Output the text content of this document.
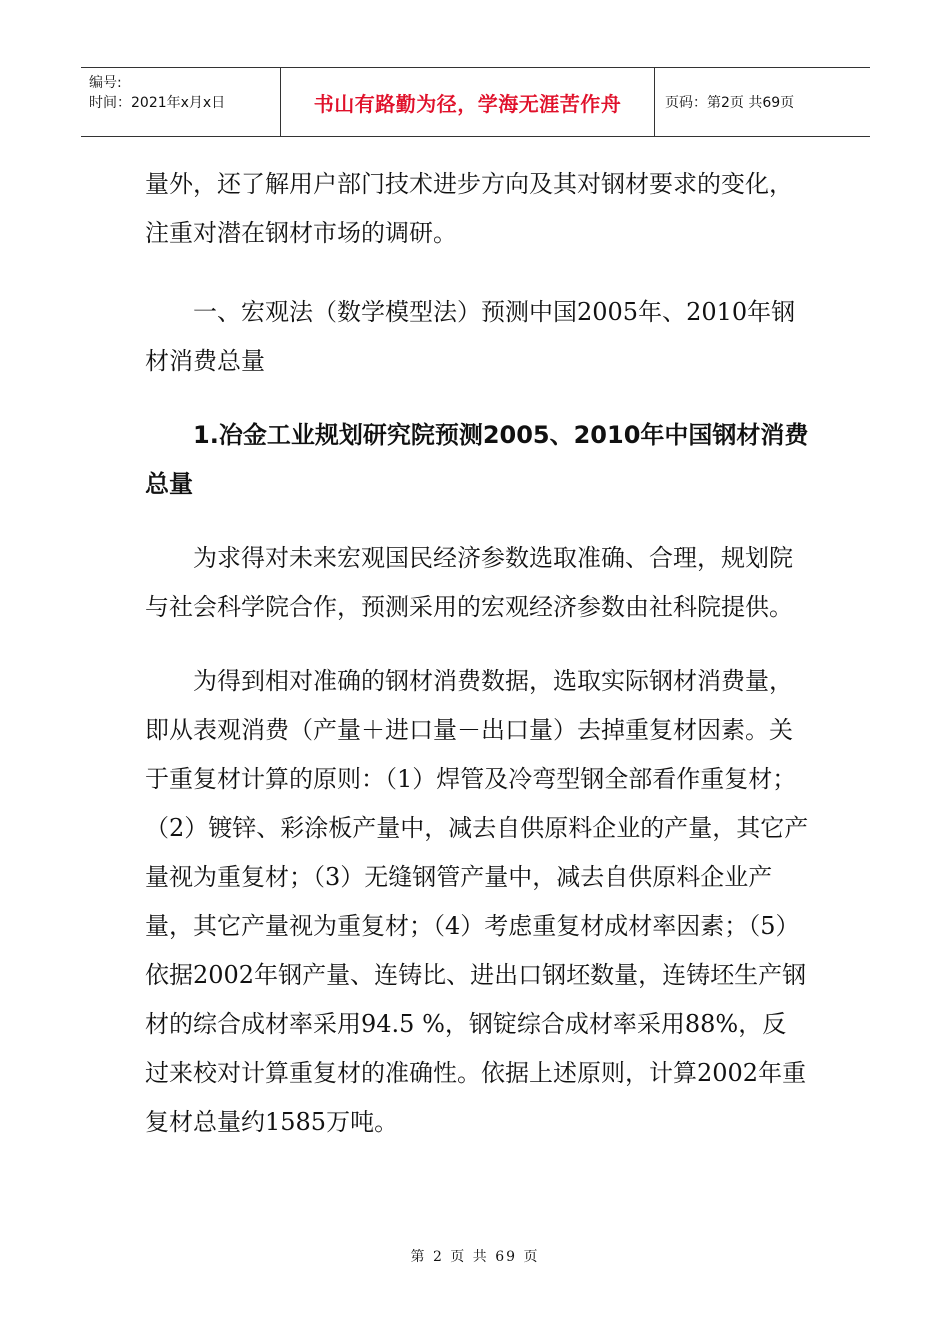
编号:
时间：2021年x月x日	书山有路勤为径，学海无涯苦作舟	页码：第2页 共69页

量外，还了解用户部门技术进步方向及其对钢材要求的变化，注重对潜在钢材市场的调研。

一、宏观法（数学模型法）预测中国2005年、2010年钢材消费总量

1.冶金工业规划研究院预测2005、2010年中国钢材消费总量

为求得对未来宏观国民经济参数选取准确、合理，规划院与社会科学院合作，预测采用的宏观经济参数由社科院提供。

为得到相对准确的钢材消费数据，选取实际钢材消费量，即从表观消费（产量＋进口量－出口量）去掉重复材因素。关于重复材计算的原则：（1）焊管及冷弯型钢全部看作重复材；（2）镀锌、彩涂板产量中，减去自供原料企业的产量，其它产量视为重复材；（3）无缝钢管产量中，减去自供原料企业产量，其它产量视为重复材；（4）考虑重复材成材率因素；（5）依据2002年钢产量、连铸比、进出口钢坯数量，连铸坯生产钢材的综合成材率采用94.5 %，钢锭综合成材率采用88%，反过来校对计算重复材的准确性。依据上述原则，计算2002年重复材总量约1585万吨。

第 2 页 共 69 页
